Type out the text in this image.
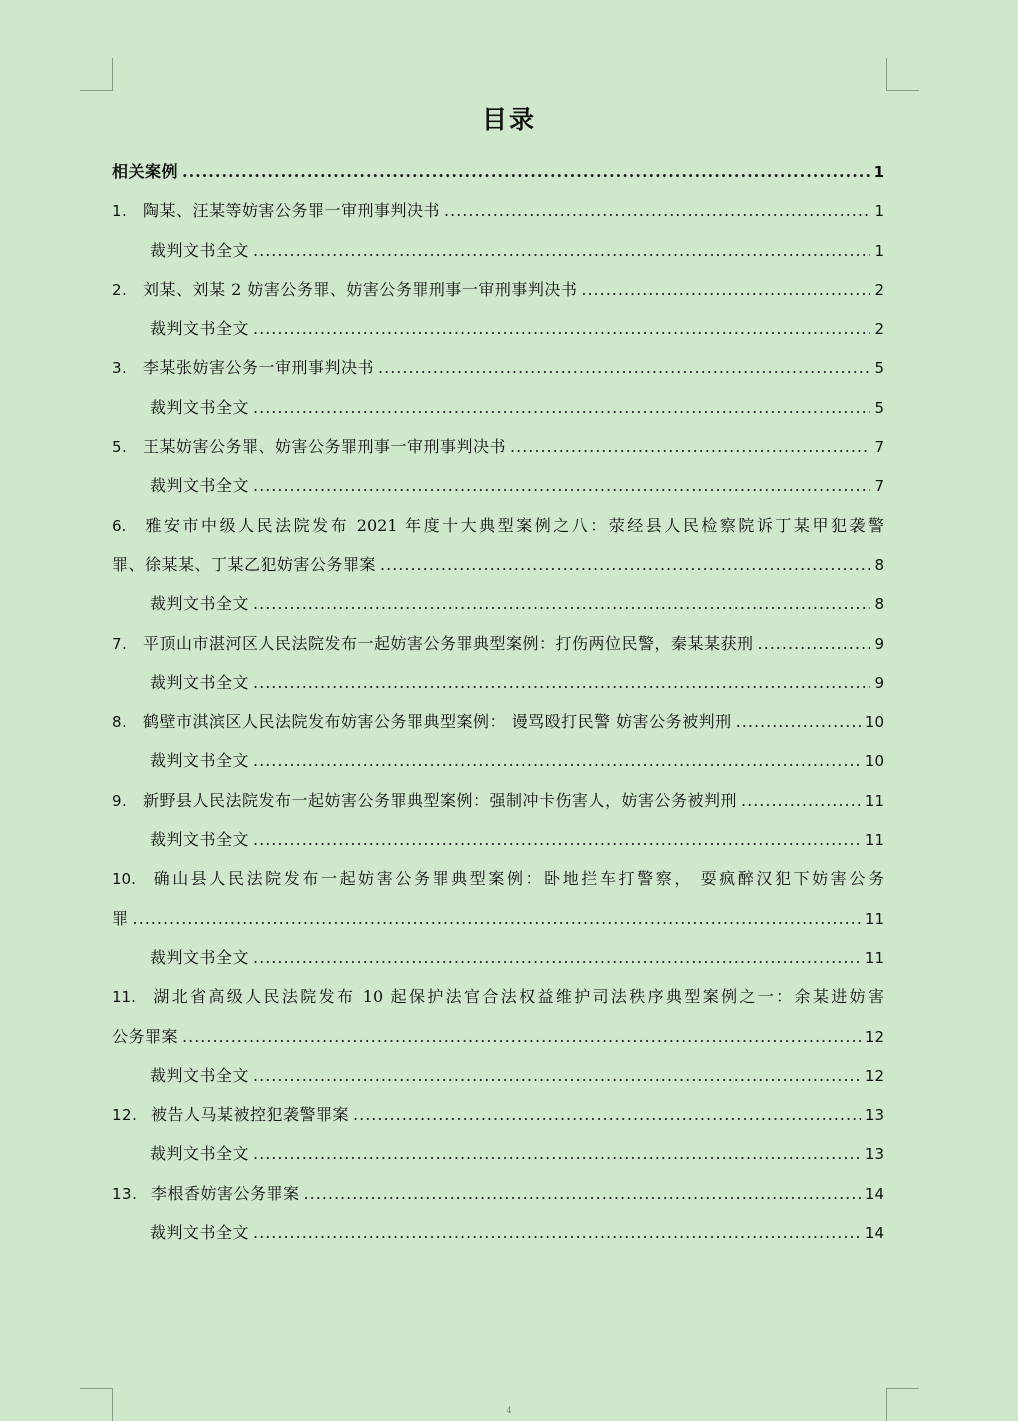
目录
相关案例 .....	1
1. 陶某、汪某等妨害公务罪一审刑事判决书 .....	1
裁判文书全文 .....	1
2. 刘某、刘某 2 妨害公务罪、妨害公务罪刑事一审刑事判决书 .....	2
裁判文书全文 .....	2
3. 李某张妨害公务一审刑事判决书 .....	5
裁判文书全文 .....	5
5. 王某妨害公务罪、妨害公务罪刑事一审刑事判决书 .....	7
裁判文书全文 .....	7
6. 雅安市中级人民法院发布 2021 年度十大典型案例之八：荥经县人民检察院诉丁某甲犯袭警
罪、徐某某、丁某乙犯妨害公务罪案 .....	8
裁判文书全文 .....	8
7. 平顶山市湛河区人民法院发布一起妨害公务罪典型案例：打伤两位民警，秦某某获刑 .....	9
裁判文书全文 .....	9
8. 鹤壁市淇滨区人民法院发布妨害公务罪典型案例： 谩骂殴打民警 妨害公务被判刑 .....	10
裁判文书全文 .....	10
9. 新野县人民法院发布一起妨害公务罪典型案例：强制冲卡伤害人，妨害公务被判刑 .....	11
裁判文书全文 .....	11
10. 确山县人民法院发布一起妨害公务罪典型案例：卧地拦车打警察， 耍疯醉汉犯下妨害公务
罪 .....	11
裁判文书全文 .....	11
11. 湖北省高级人民法院发布 10 起保护法官合法权益维护司法秩序典型案例之一：余某进妨害
公务罪案 .....	12
裁判文书全文 .....	12
12. 被告人马某被控犯袭警罪案 .....	13
裁判文书全文 .....	13
13. 李根香妨害公务罪案 .....	14
裁判文书全文 .....	14
4
